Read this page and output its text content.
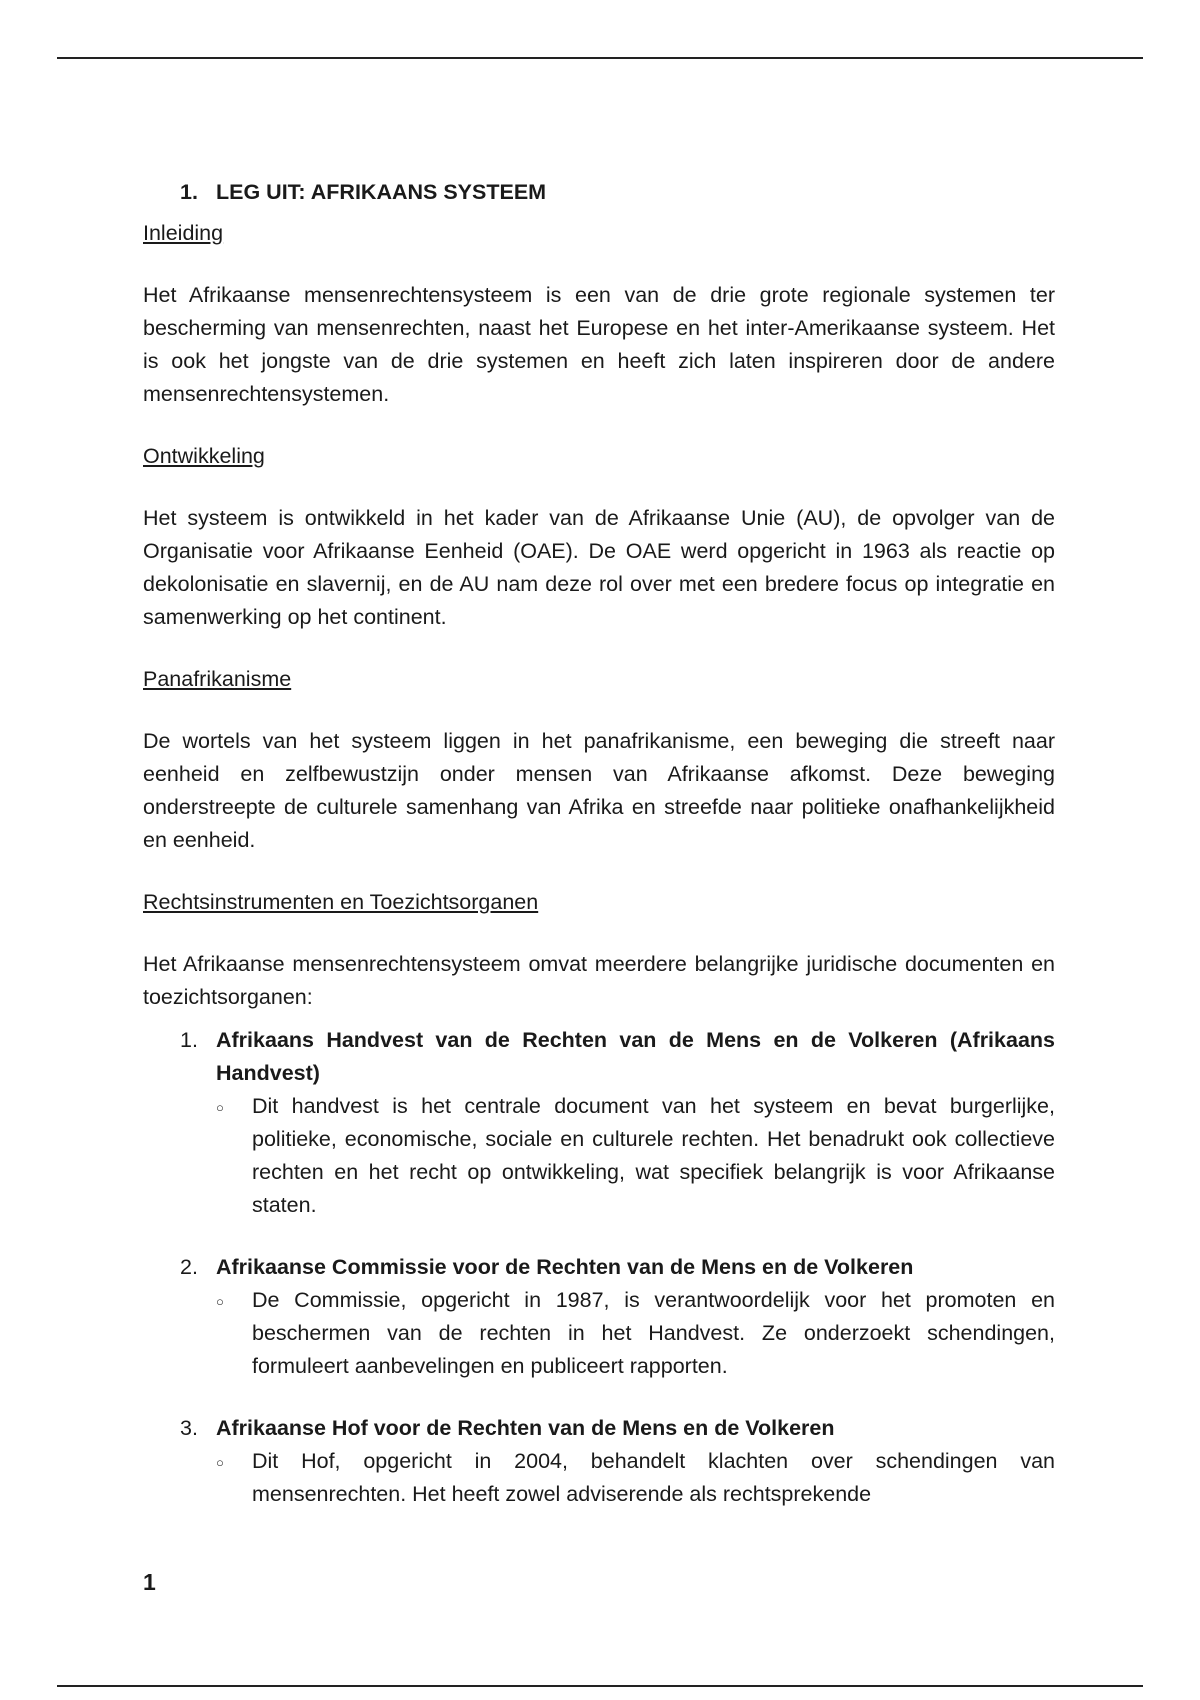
1. LEG UIT: AFRIKAANS SYSTEEM
Inleiding
Het Afrikaanse mensenrechtensysteem is een van de drie grote regionale systemen ter bescherming van mensenrechten, naast het Europese en het inter-Amerikaanse systeem. Het is ook het jongste van de drie systemen en heeft zich laten inspireren door de andere mensenrechtensystemen.
Ontwikkeling
Het systeem is ontwikkeld in het kader van de Afrikaanse Unie (AU), de opvolger van de Organisatie voor Afrikaanse Eenheid (OAE). De OAE werd opgericht in 1963 als reactie op dekolonisatie en slavernij, en de AU nam deze rol over met een bredere focus op integratie en samenwerking op het continent.
Panafrikanisme
De wortels van het systeem liggen in het panafrikanisme, een beweging die streeft naar eenheid en zelfbewustzijn onder mensen van Afrikaanse afkomst. Deze beweging onderstreepte de culturele samenhang van Afrika en streefde naar politieke onafhankelijkheid en eenheid.
Rechtsinstrumenten en Toezichtsorganen
Het Afrikaanse mensenrechtensysteem omvat meerdere belangrijke juridische documenten en toezichtsorganen:
1. Afrikaans Handvest van de Rechten van de Mens en de Volkeren (Afrikaans Handvest)
○	Dit handvest is het centrale document van het systeem en bevat burgerlijke, politieke, economische, sociale en culturele rechten. Het benadrukt ook collectieve rechten en het recht op ontwikkeling, wat specifiek belangrijk is voor Afrikaanse staten.
2. Afrikaanse Commissie voor de Rechten van de Mens en de Volkeren
○	De Commissie, opgericht in 1987, is verantwoordelijk voor het promoten en beschermen van de rechten in het Handvest. Ze onderzoekt schendingen, formuleert aanbevelingen en publiceert rapporten.
3. Afrikaanse Hof voor de Rechten van de Mens en de Volkeren
○	Dit Hof, opgericht in 2004, behandelt klachten over schendingen van mensenrechten. Het heeft zowel adviserende als rechtsprekende
1
